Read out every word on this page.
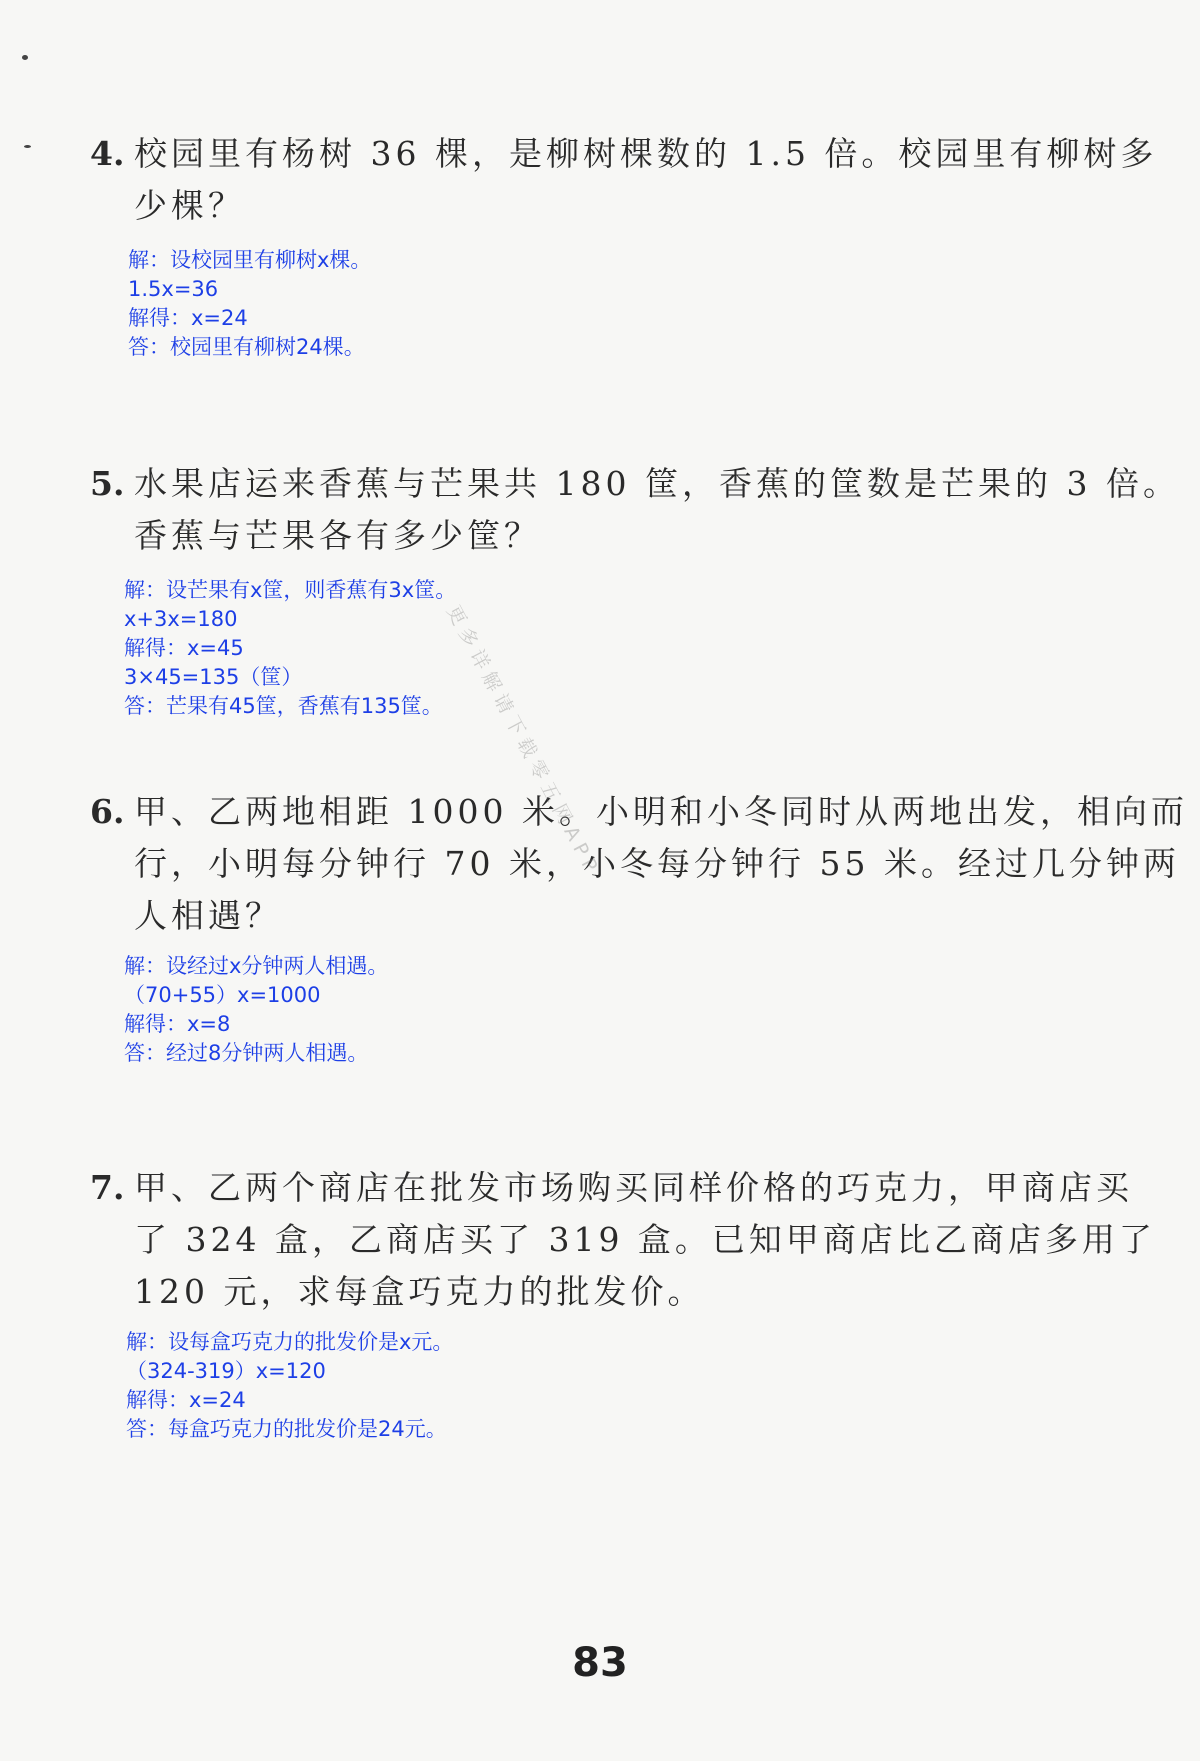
4. 校园里有杨树 36 棵，是柳树棵数的 1.5 倍。校园里有柳树多
少棵？
解：设校园里有柳树x棵。
1.5x=36
解得：x=24
答：校园里有柳树24棵。
5. 水果店运来香蕉与芒果共 180 筐，香蕉的筐数是芒果的 3 倍。
香蕉与芒果各有多少筐？
解：设芒果有x筐，则香蕉有3x筐。
x+3x=180
解得：x=45
3×45=135（筐）
答：芒果有45筐，香蕉有135筐。
6. 甲、乙两地相距 1000 米。小明和小冬同时从两地出发，相向而
行，小明每分钟行 70 米，小冬每分钟行 55 米。经过几分钟两
人相遇？
解：设经过x分钟两人相遇。
（70+55）x=1000
解得：x=8
答：经过8分钟两人相遇。
7. 甲、乙两个商店在批发市场购买同样价格的巧克力，甲商店买
了 324 盒，乙商店买了 319 盒。已知甲商店比乙商店多用了
120 元，求每盒巧克力的批发价。
解：设每盒巧克力的批发价是x元。
（324-319）x=120
解得：x=24
答：每盒巧克力的批发价是24元。
更多详解请下载零五网APP
83
